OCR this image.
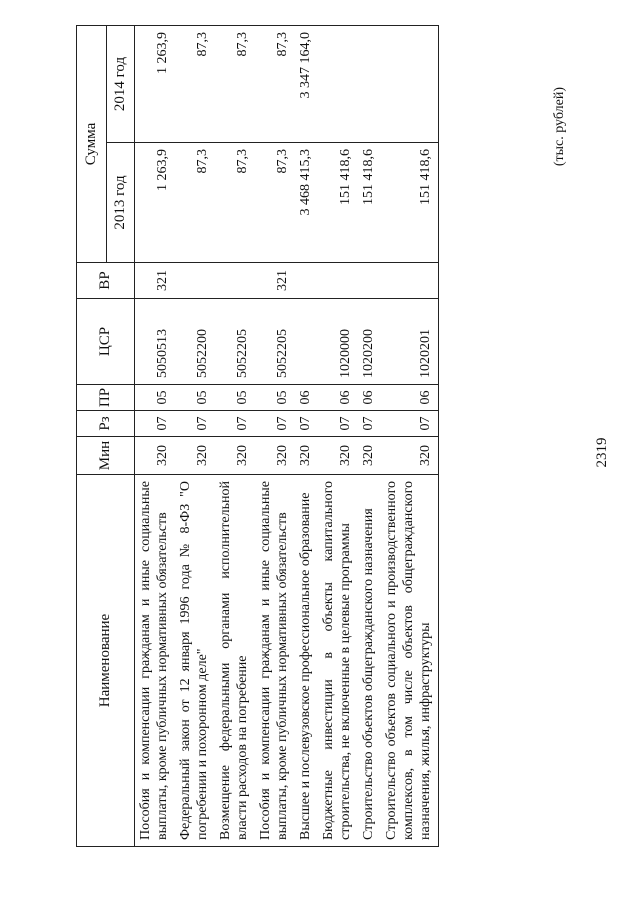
2319
(тыс. рублей)
Наименование	Мин	Рз	ПР	ЦСР	ВР	Сумма	
						2013 год	2014 год
Пособия и компенсации гражданам и иные социальные выплаты, кроме публичных нормативных обязательств	320	07	05	5050513	321	1 263,9	1 263,9
Федеральный закон от 12 января 1996 года № 8-ФЗ "О погребении и похоронном деле"	320	07	05	5052200		87,3	87,3
Возмещение федеральными органами исполнительной власти расходов на погребение	320	07	05	5052205		87,3	87,3
Пособия и компенсации гражданам и иные социальные выплаты, кроме публичных нормативных обязательств	320	07	05	5052205	321	87,3	87,3
Высшее и послевузовское профессиональное образование	320	07	06			3 468 415,3	3 347 164,0
Бюджетные инвестиции в объекты капитального строительства, не включенные в целевые программы	320	07	06	1020000		151 418,6	
Строительство объектов общегражданского назначения	320	07	06	1020200		151 418,6	
Строительство объектов социального и производственного комплексов, в том числе объектов общегражданского назначения, жилья, инфраструктуры	320	07	06	1020201		151 418,6	
